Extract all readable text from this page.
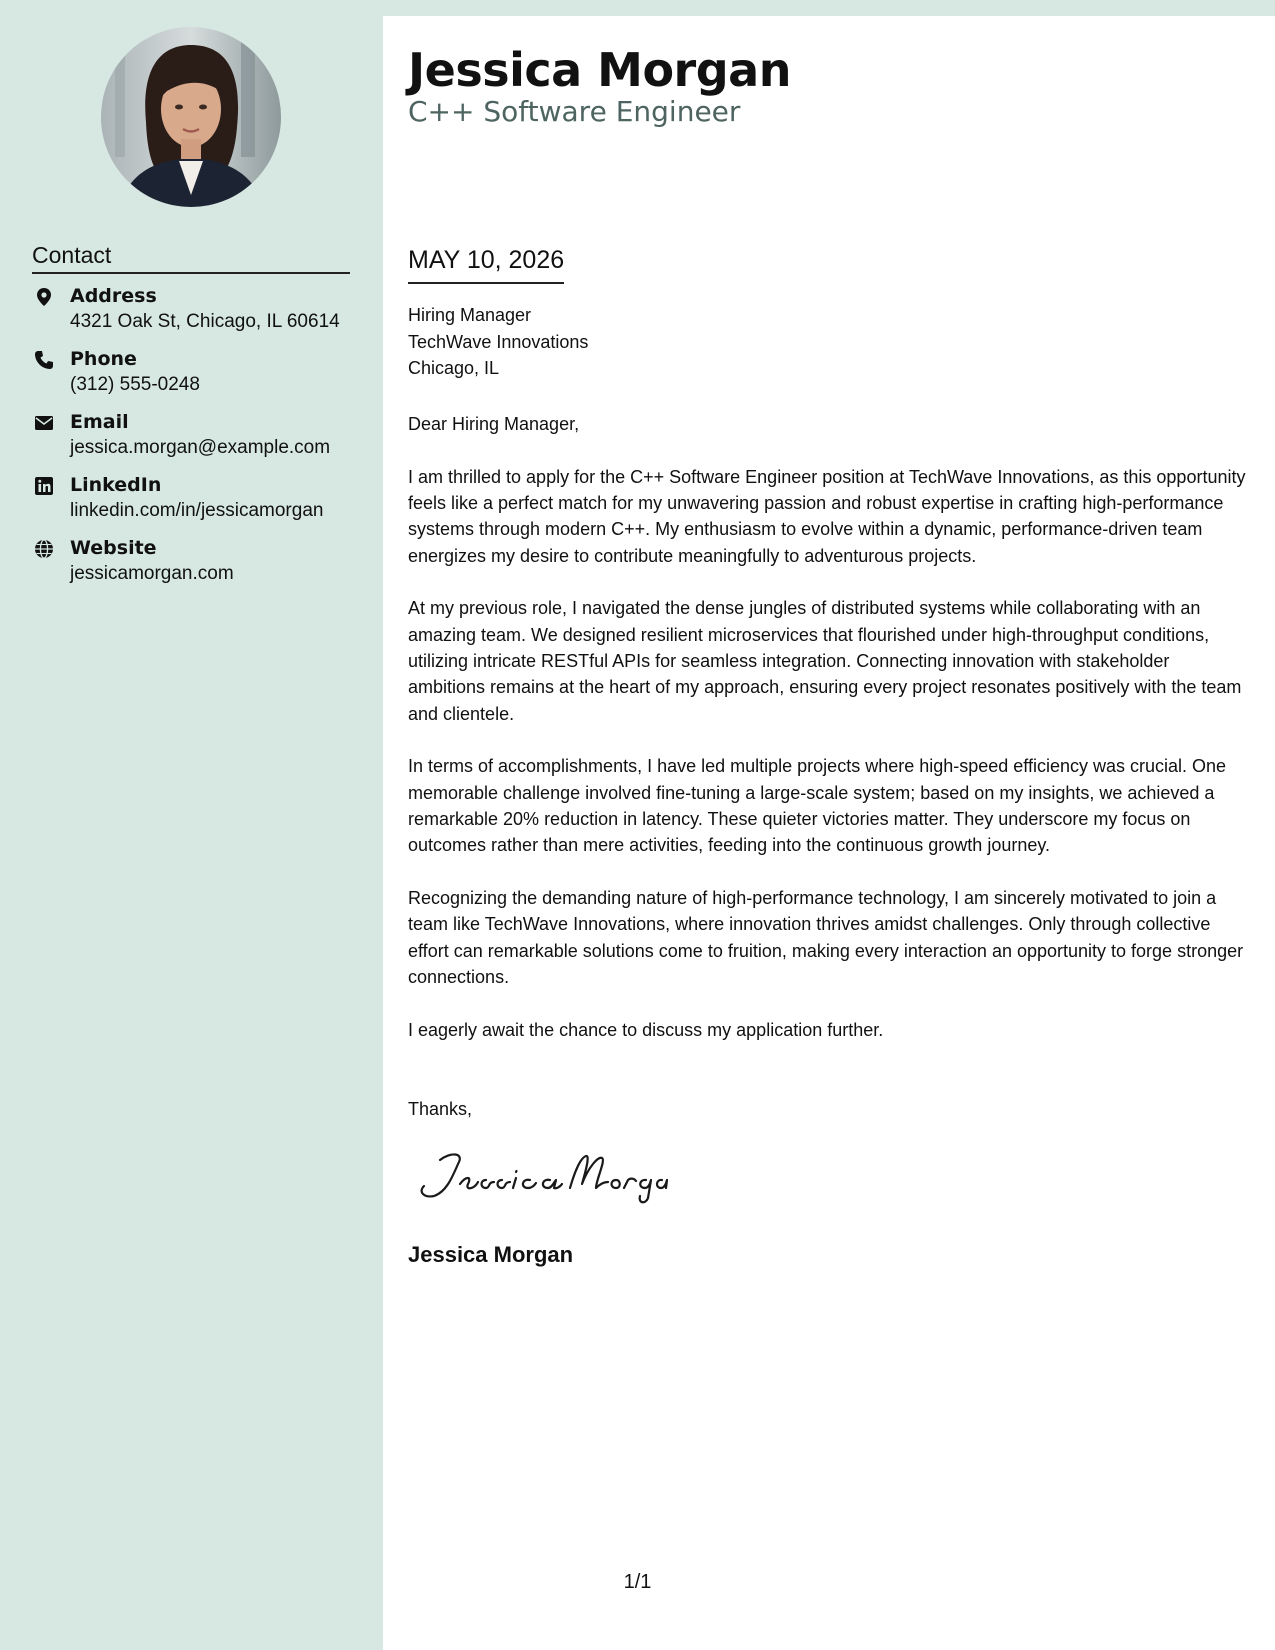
Contact
Address
4321 Oak St, Chicago, IL 60614
Phone
(312) 555-0248
Email
jessica.morgan@example.com
LinkedIn
linkedin.com/in/jessicamorgan
Website
jessicamorgan.com
Jessica Morgan
C++ Software Engineer
MAY 10, 2026
Hiring Manager
TechWave Innovations
Chicago, IL

Dear Hiring Manager,

I am thrilled to apply for the C++ Software Engineer position at TechWave Innovations, as this opportunity feels like a perfect match for my unwavering passion and robust expertise in crafting high-performance systems through modern C++. My enthusiasm to evolve within a dynamic, performance-driven team energizes my desire to contribute meaningfully to adventurous projects.

At my previous role, I navigated the dense jungles of distributed systems while collaborating with an amazing team. We designed resilient microservices that flourished under high-throughput conditions, utilizing intricate RESTful APIs for seamless integration. Connecting innovation with stakeholder ambitions remains at the heart of my approach, ensuring every project resonates positively with the team and clientele.

In terms of accomplishments, I have led multiple projects where high-speed efficiency was crucial. One memorable challenge involved fine-tuning a large-scale system; based on my insights, we achieved a remarkable 20% reduction in latency. These quieter victories matter. They underscore my focus on outcomes rather than mere activities, feeding into the continuous growth journey.

Recognizing the demanding nature of high-performance technology, I am sincerely motivated to join a team like TechWave Innovations, where innovation thrives amidst challenges. Only through collective effort can remarkable solutions come to fruition, making every interaction an opportunity to forge stronger connections.

I eagerly await the chance to discuss my application further.

Thanks,
Jessica Morgan
1/1
